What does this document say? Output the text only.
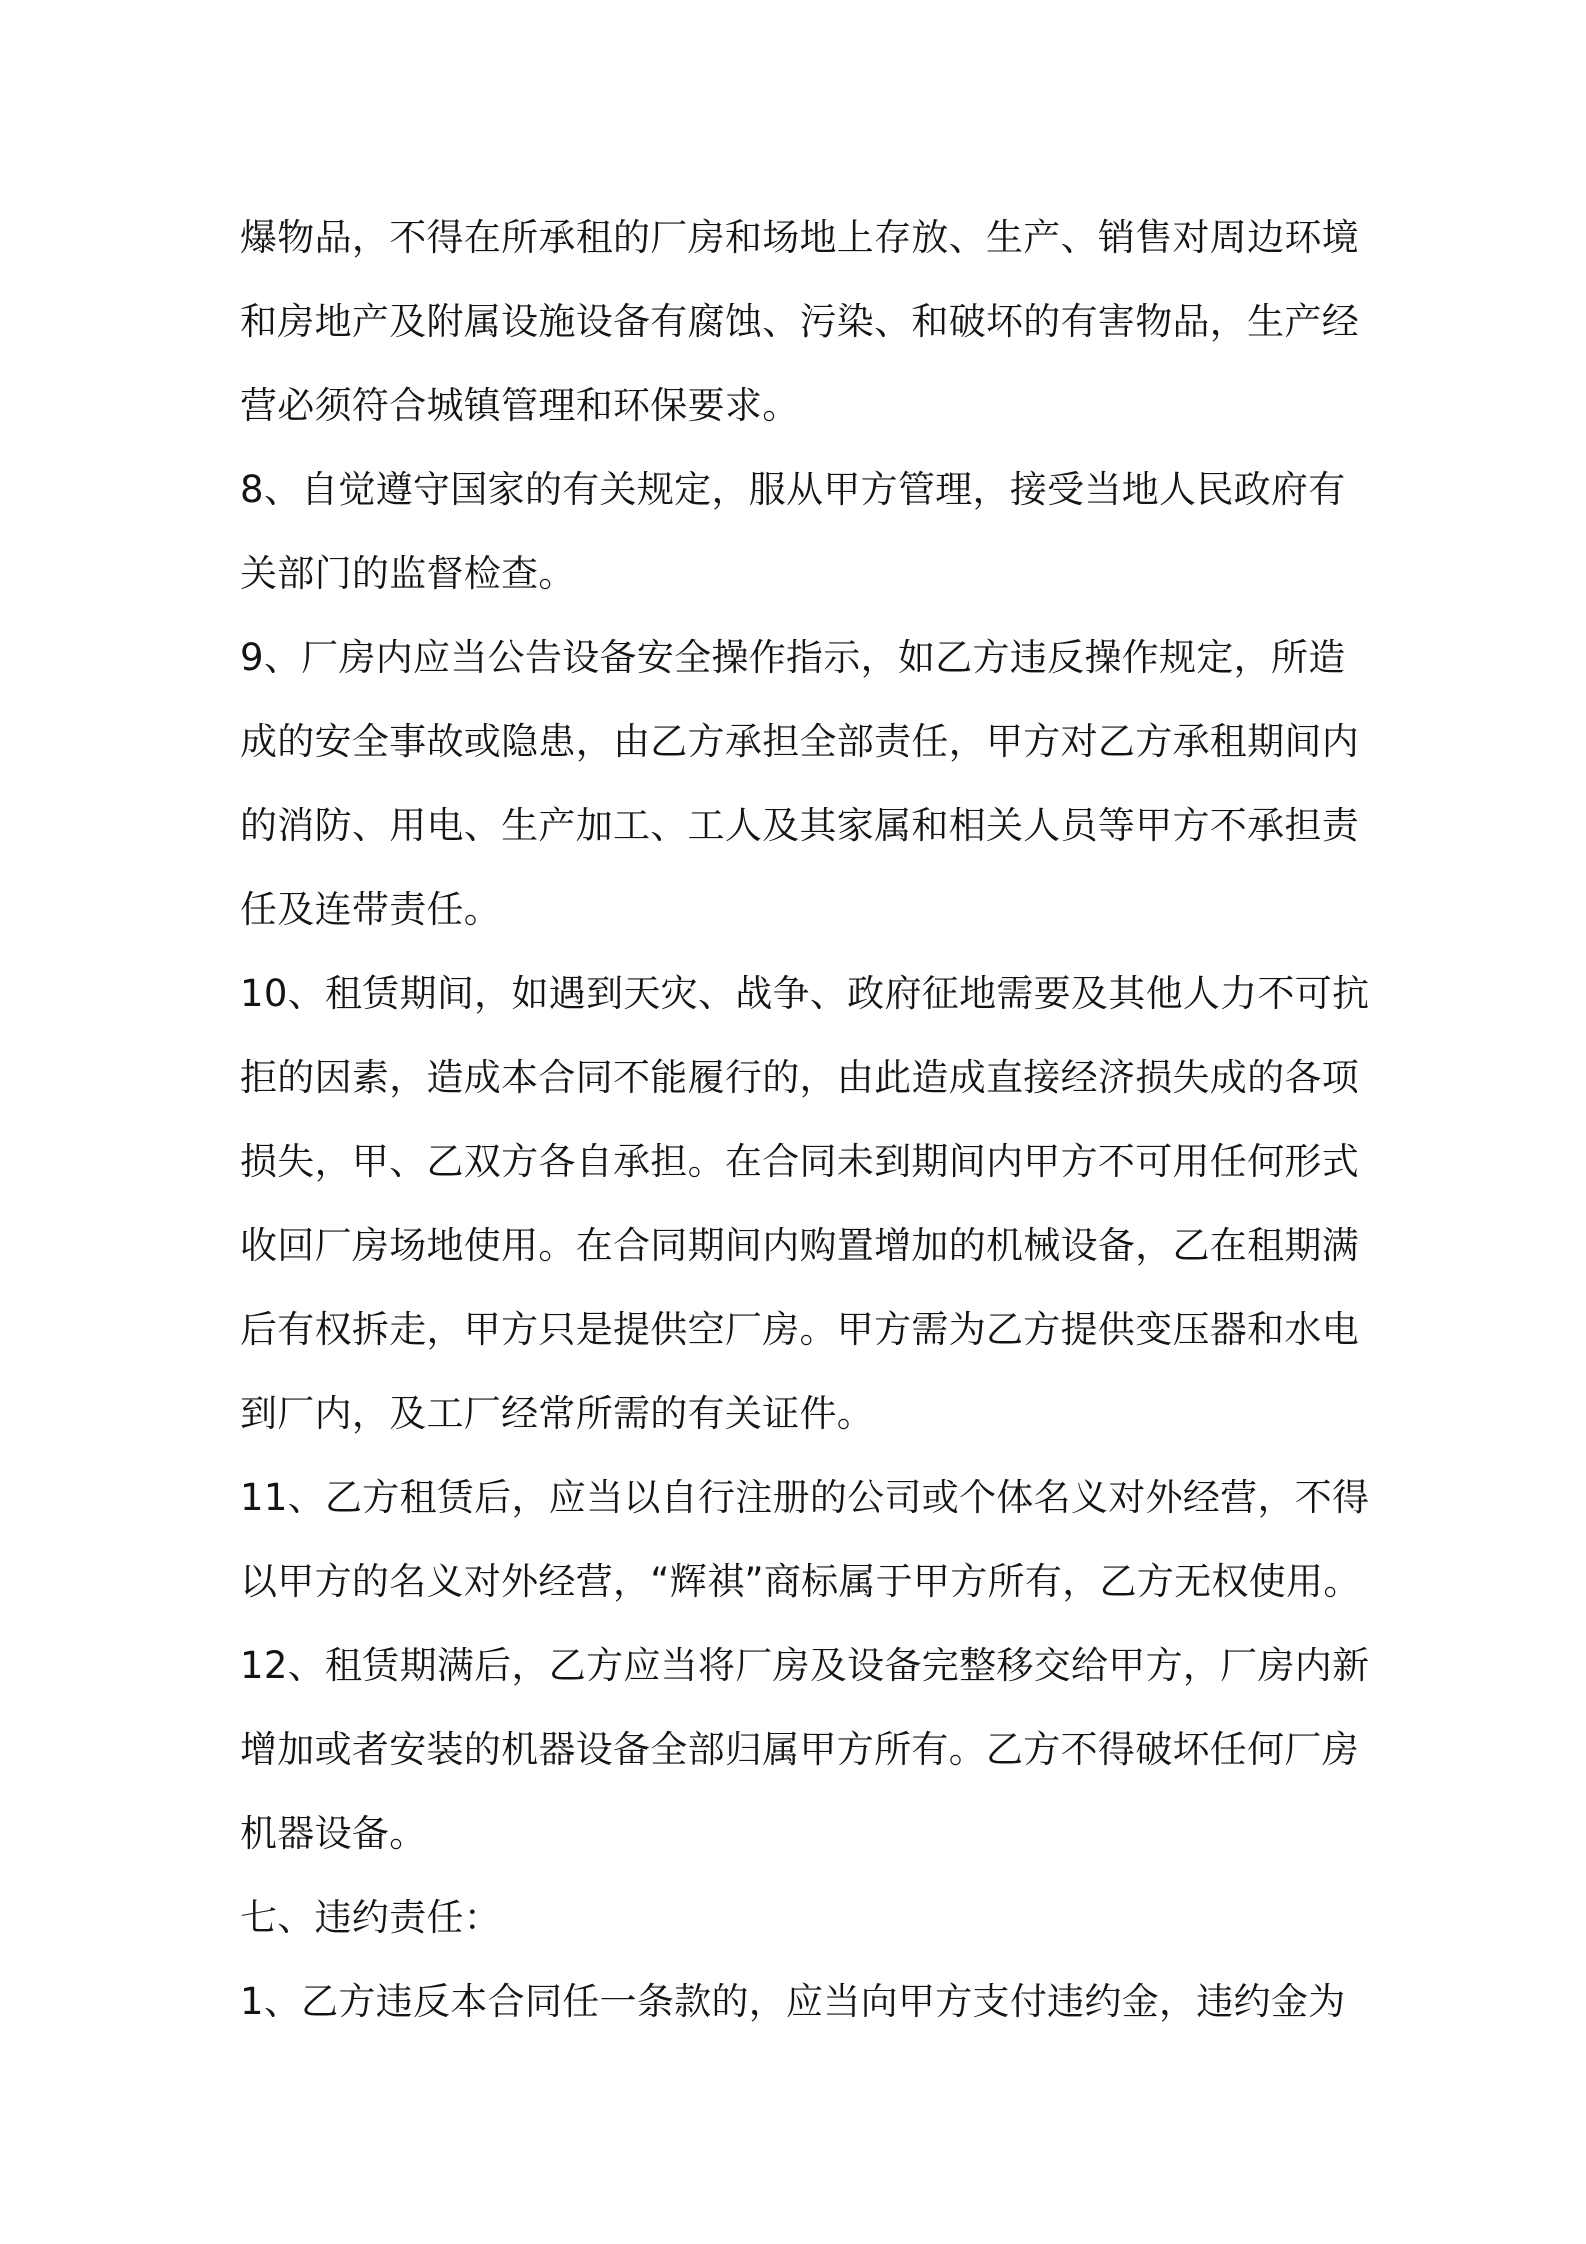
爆物品，不得在所承租的厂房和场地上存放、生产、销售对周边环境
和房地产及附属设施设备有腐蚀、污染、和破坏的有害物品，生产经
营必须符合城镇管理和环保要求。
8、自觉遵守国家的有关规定，服从甲方管理，接受当地人民政府有
关部门的监督检查。
9、厂房内应当公告设备安全操作指示，如乙方违反操作规定，所造
成的安全事故或隐患，由乙方承担全部责任，甲方对乙方承租期间内
的消防、用电、生产加工、工人及其家属和相关人员等甲方不承担责
任及连带责任。
10、租赁期间，如遇到天灾、战争、政府征地需要及其他人力不可抗
拒的因素，造成本合同不能履行的，由此造成直接经济损失成的各项
损失，甲、乙双方各自承担。在合同未到期间内甲方不可用任何形式
收回厂房场地使用。在合同期间内购置增加的机械设备，乙在租期满
后有权拆走，甲方只是提供空厂房。甲方需为乙方提供变压器和水电
到厂内，及工厂经常所需的有关证件。
11、乙方租赁后，应当以自行注册的公司或个体名义对外经营，不得
以甲方的名义对外经营，“辉祺”商标属于甲方所有，乙方无权使用。
12、租赁期满后，乙方应当将厂房及设备完整移交给甲方，厂房内新
增加或者安装的机器设备全部归属甲方所有。乙方不得破坏任何厂房
机器设备。
七、违约责任：
1、乙方违反本合同任一条款的，应当向甲方支付违约金，违约金为
